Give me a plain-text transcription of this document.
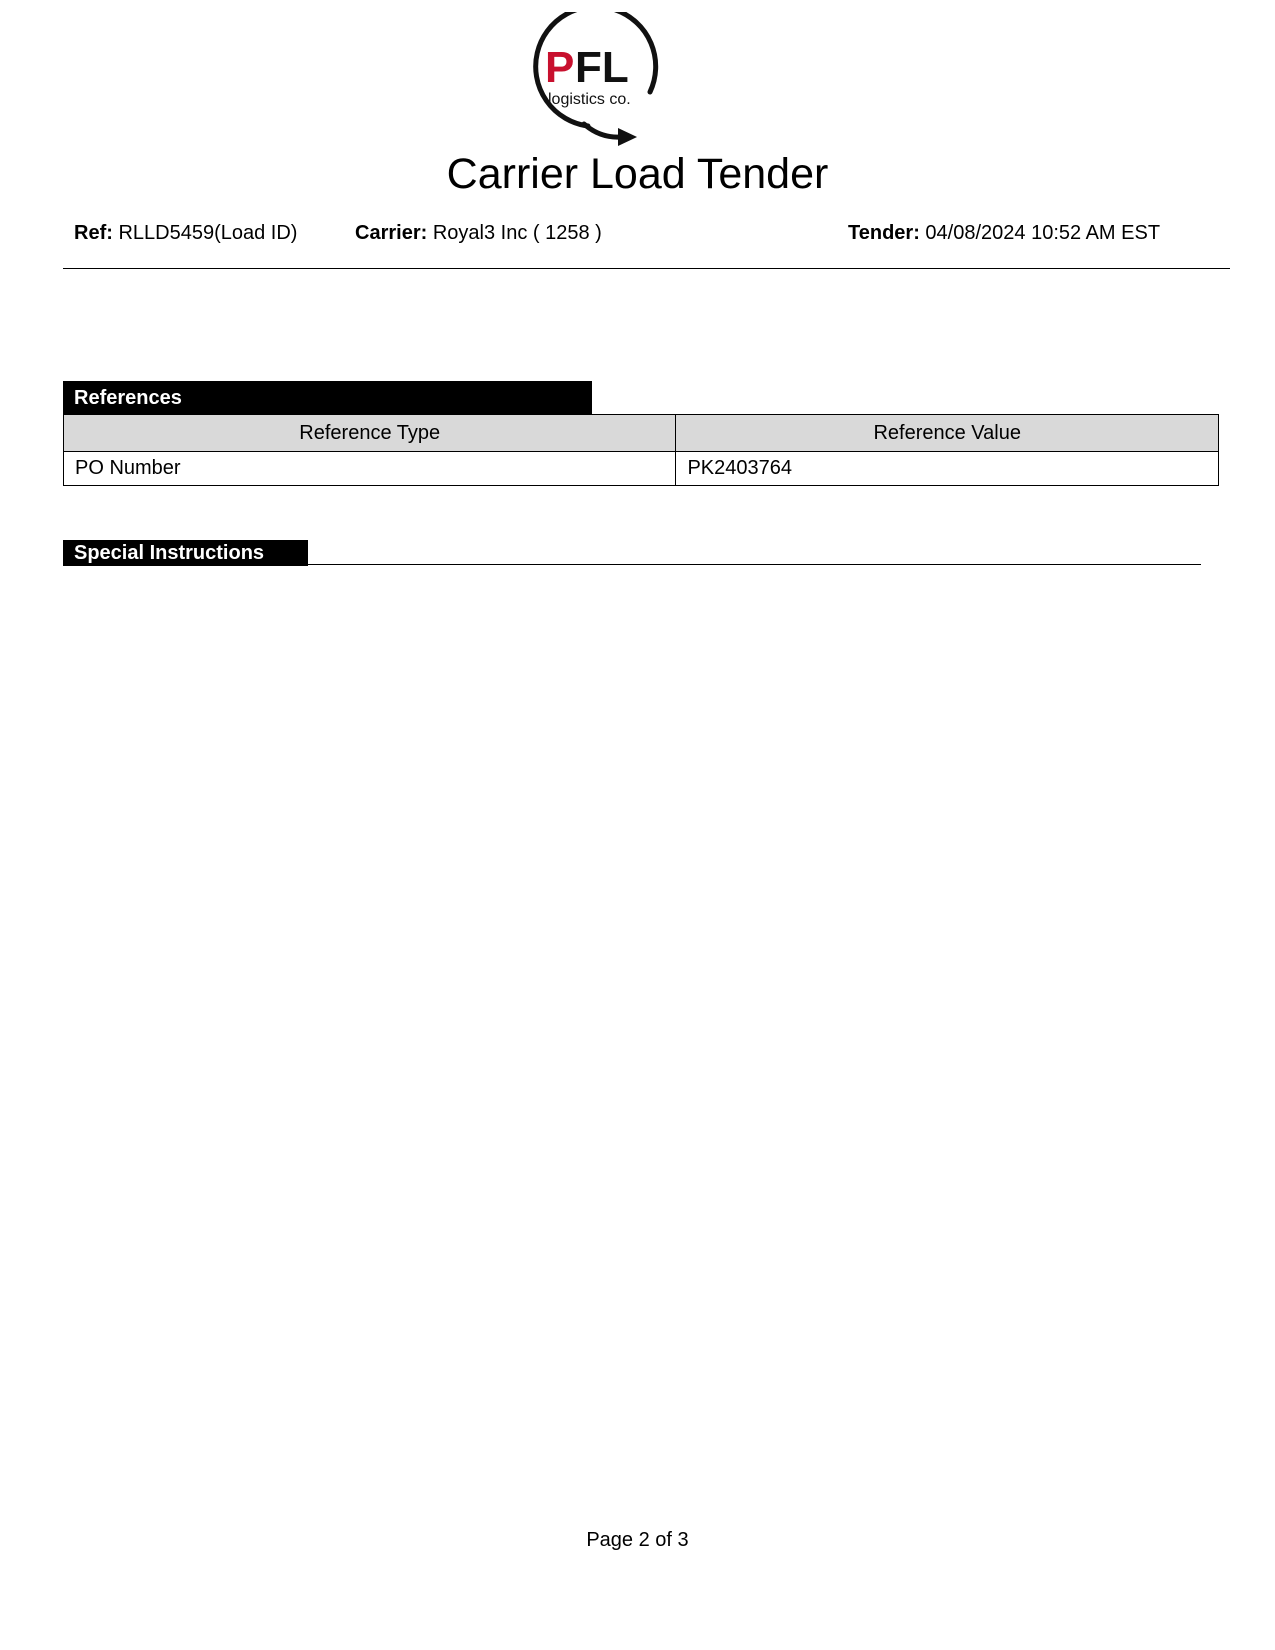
P FL
logistics co.
Carrier Load Tender
Ref: RLLD5459(Load ID)	Carrier: Royal3 Inc ( 1258 )	Tender: 04/08/2024 10:52 AM EST
References
Reference Type	Reference Value
PO Number	PK2403764
Special Instructions
Page 2 of 3
